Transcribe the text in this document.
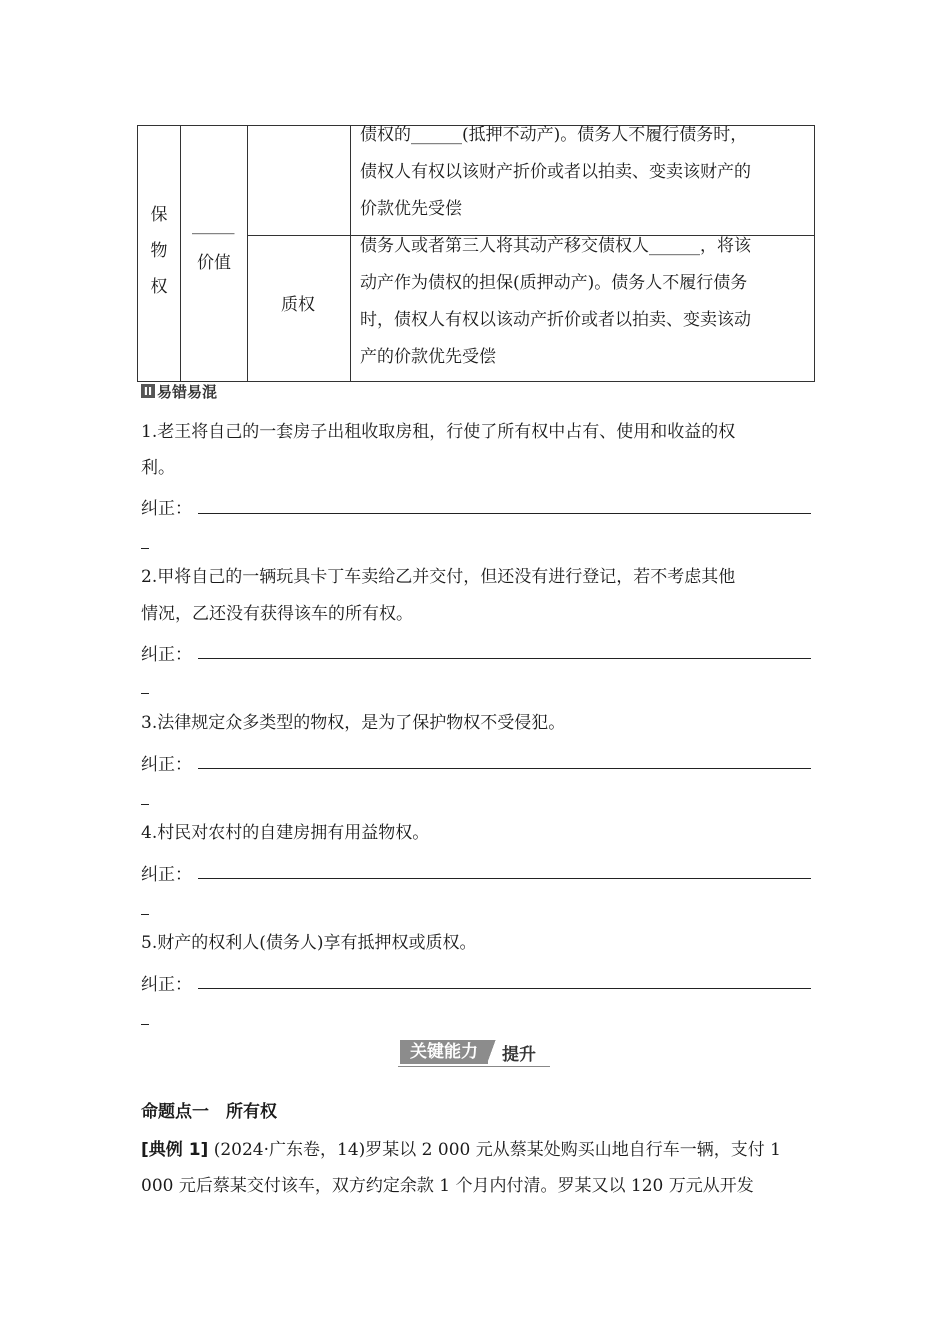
保
物
权
_____
价值
质权
债权的______(抵押不动产)。债务人不履行债务时，
债权人有权以该财产折价或者以拍卖、变卖该财产的
价款优先受偿
债务人或者第三人将其动产移交债权人______，将该
动产作为债权的担保(质押动产)。债务人不履行债务
时，债权人有权以该动产折价或者以拍卖、变卖该动
产的价款优先受偿
II 易错易混
1.老王将自己的一套房子出租收取房租，行使了所有权中占有、使用和收益的权
利。
纠正：
2.甲将自己的一辆玩具卡丁车卖给乙并交付，但还没有进行登记，若不考虑其他
情况，乙还没有获得该车的所有权。
纠正：
3.法律规定众多类型的物权，是为了保护物权不受侵犯。
纠正：
4.村民对农村的自建房拥有用益物权。
纠正：
5.财产的权利人(债务人)享有抵押权或质权。
纠正：
关键能力	提升
命题点一　所有权
[典例 1] (2024·广东卷，14)罗某以 2 000 元从蔡某处购买山地自行车一辆，支付 1
000 元后蔡某交付该车，双方约定余款 1 个月内付清。罗某又以 120 万元从开发
